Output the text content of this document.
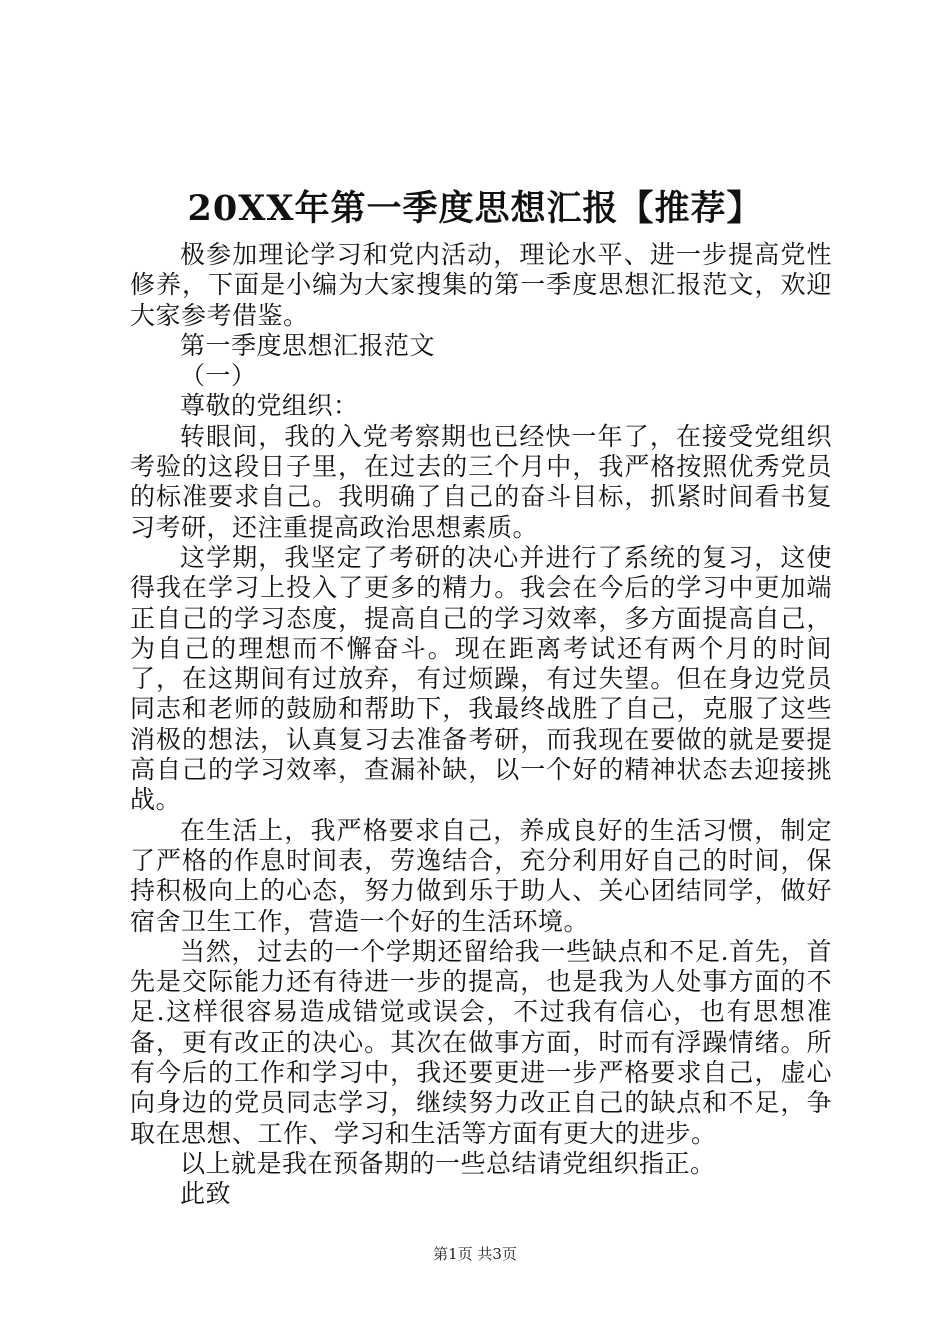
20XX年第一季度思想汇报【推荐】

极参加理论学习和党内活动，理论水平、进一步提高党性修养，下面是小编为大家搜集的第一季度思想汇报范文，欢迎大家参考借鉴。

第一季度思想汇报范文

（一）

尊敬的党组织：

转眼间，我的入党考察期也已经快一年了，在接受党组织考验的这段日子里，在过去的三个月中，我严格按照优秀党员的标准要求自己。我明确了自己的奋斗目标，抓紧时间看书复习考研，还注重提高政治思想素质。

这学期，我坚定了考研的决心并进行了系统的复习，这使得我在学习上投入了更多的精力。我会在今后的学习中更加端正自己的学习态度，提高自己的学习效率，多方面提高自己，为自己的理想而不懈奋斗。现在距离考试还有两个月的时间了，在这期间有过放弃，有过烦躁，有过失望。但在身边党员同志和老师的鼓励和帮助下，我最终战胜了自己，克服了这些消极的想法，认真复习去准备考研，而我现在要做的就是要提高自己的学习效率，查漏补缺，以一个好的精神状态去迎接挑战。

在生活上，我严格要求自己，养成良好的生活习惯，制定了严格的作息时间表，劳逸结合，充分利用好自己的时间，保持积极向上的心态，努力做到乐于助人、关心团结同学，做好宿舍卫生工作，营造一个好的生活环境。

当然，过去的一个学期还留给我一些缺点和不足.首先，首先是交际能力还有待进一步的提高，也是我为人处事方面的不足.这样很容易造成错觉或误会，不过我有信心，也有思想准备，更有改正的决心。其次在做事方面，时而有浮躁情绪。所有今后的工作和学习中，我还要更进一步严格要求自己，虚心向身边的党员同志学习，继续努力改正自己的缺点和不足，争取在思想、工作、学习和生活等方面有更大的进步。

以上就是我在预备期的一些总结请党组织指正。

此致

第1页 共3页
